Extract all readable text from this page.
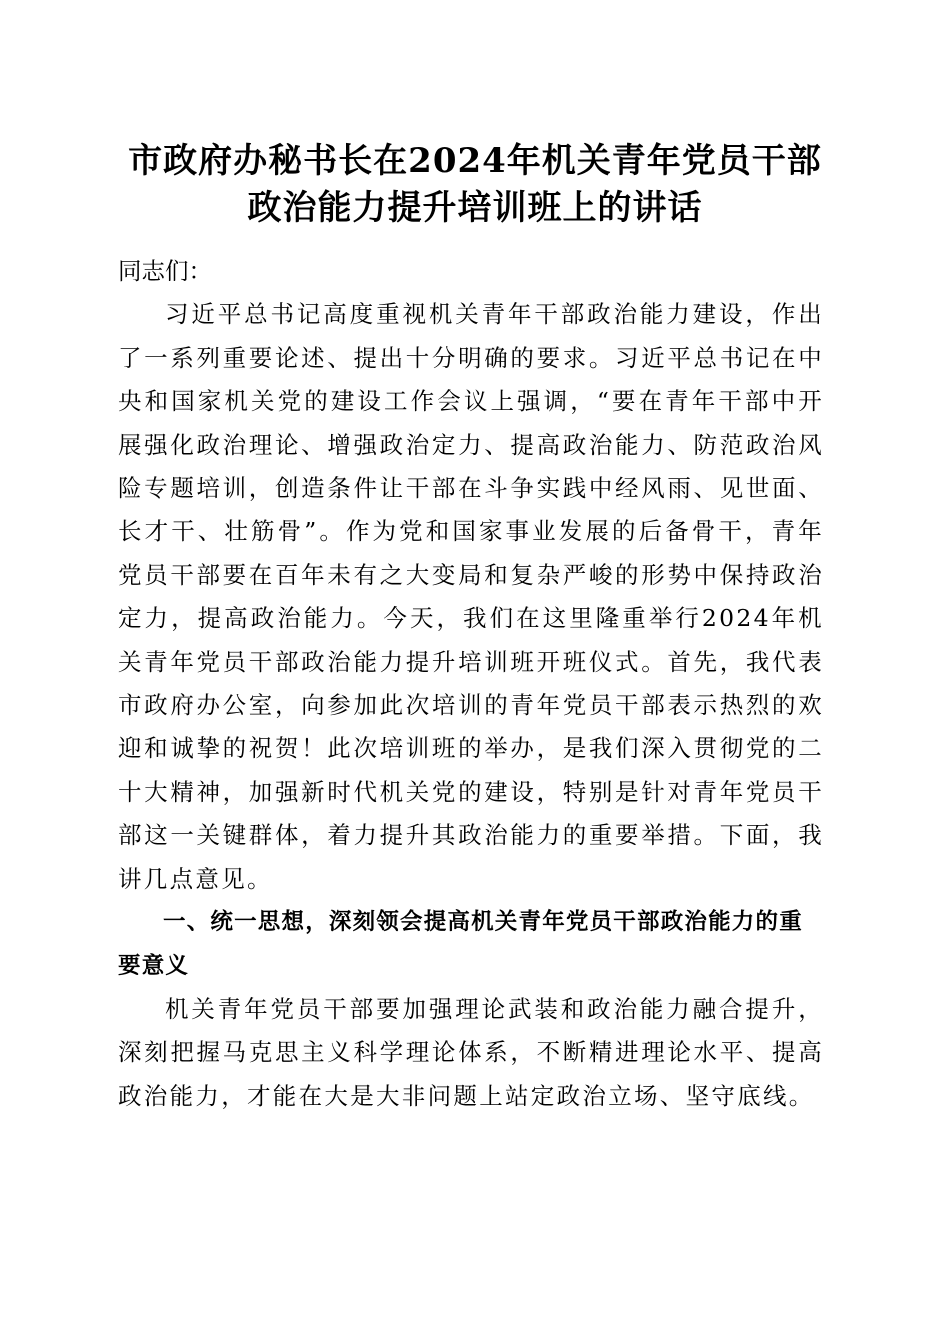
市政府办秘书长在2024年机关青年党员干部
政治能力提升培训班上的讲话

同志们：

习近平总书记高度重视机关青年干部政治能力建设，作出了一系列重要论述、提出十分明确的要求。习近平总书记在中央和国家机关党的建设工作会议上强调，“要在青年干部中开展强化政治理论、增强政治定力、提高政治能力、防范政治风险专题培训，创造条件让干部在斗争实践中经风雨、见世面、长才干、壮筋骨”。作为党和国家事业发展的后备骨干，青年党员干部要在百年未有之大变局和复杂严峻的形势中保持政治定力，提高政治能力。今天，我们在这里隆重举行2024年机关青年党员干部政治能力提升培训班开班仪式。首先，我代表市政府办公室，向参加此次培训的青年党员干部表示热烈的欢迎和诚挚的祝贺！此次培训班的举办，是我们深入贯彻党的二十大精神，加强新时代机关党的建设，特别是针对青年党员干部这一关键群体，着力提升其政治能力的重要举措。下面，我讲几点意见。

一、统一思想，深刻领会提高机关青年党员干部政治能力的重要意义

机关青年党员干部要加强理论武装和政治能力融合提升，深刻把握马克思主义科学理论体系，不断精进理论水平、提高政治能力，才能在大是大非问题上站定政治立场、坚守底线。
